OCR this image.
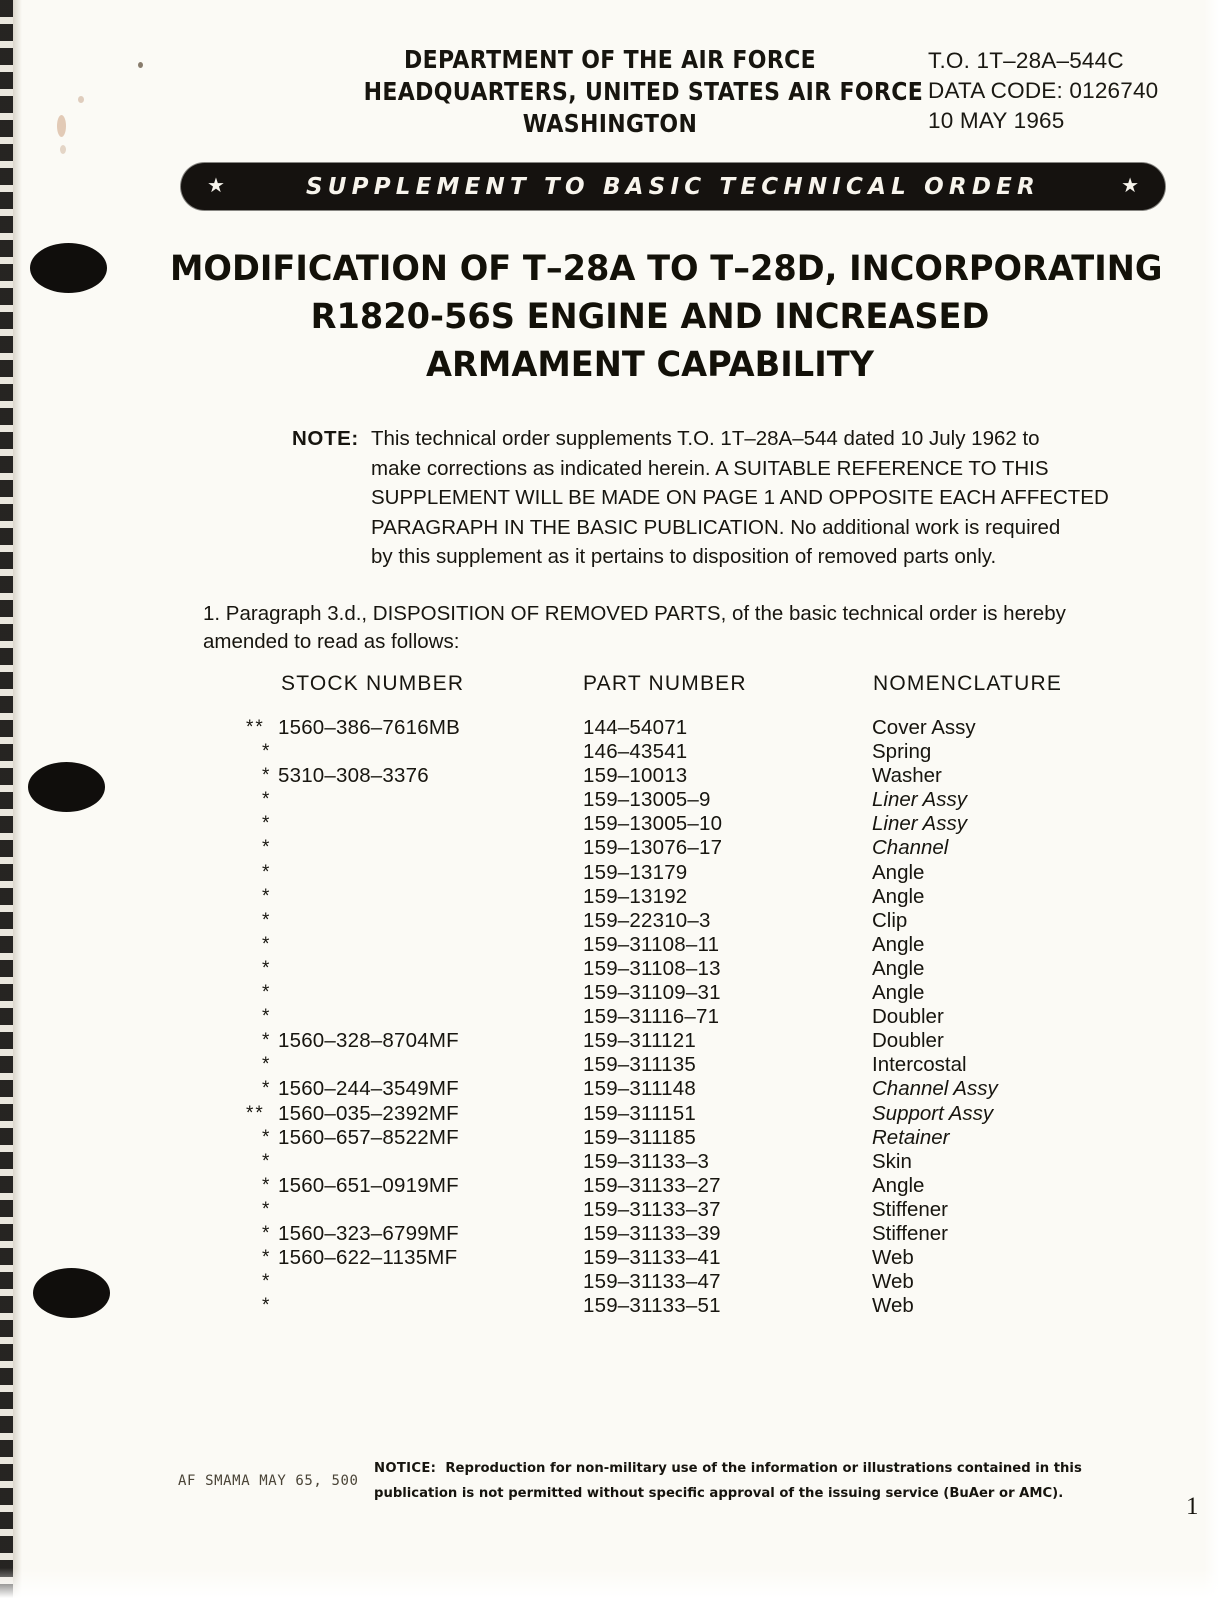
DEPARTMENT OF THE AIR FORCE
HEADQUARTERS, UNITED STATES AIR FORCE
WASHINGTON
T.O. 1T–28A–544C
DATA CODE: 0126740
10 MAY 1965
★	SUPPLEMENT TO BASIC TECHNICAL ORDER	★
MODIFICATION OF T–28A TO T–28D, INCORPORATING
R1820-56S ENGINE AND INCREASED
ARMAMENT CAPABILITY
NOTE: This technical order supplements T.O. 1T–28A–544 dated 10 July 1962 to
make corrections as indicated herein. A SUITABLE REFERENCE TO THIS
SUPPLEMENT WILL BE MADE ON PAGE 1 AND OPPOSITE EACH AFFECTED
PARAGRAPH IN THE BASIC PUBLICATION. No additional work is required
by this supplement as it pertains to disposition of removed parts only.
1. Paragraph 3.d., DISPOSITION OF REMOVED PARTS, of the basic technical order is hereby
amended to read as follows:
STOCK NUMBER	PART NUMBER	NOMENCLATURE
** 1560–386–7616MB	144–54071	Cover Assy
*	146–43541	Spring
* 5310–308–3376	159–10013	Washer
*	159–13005–9	Liner Assy
*	159–13005–10	Liner Assy
*	159–13076–17	Channel
*	159–13179	Angle
*	159–13192	Angle
*	159–22310–3	Clip
*	159–31108–11	Angle
*	159–31108–13	Angle
*	159–31109–31	Angle
*	159–31116–71	Doubler
* 1560–328–8704MF	159–311121	Doubler
*	159–311135	Intercostal
* 1560–244–3549MF	159–311148	Channel Assy
** 1560–035–2392MF	159–311151	Support Assy
* 1560–657–8522MF	159–311185	Retainer
*	159–31133–3	Skin
* 1560–651–0919MF	159–31133–27	Angle
*	159–31133–37	Stiffener
* 1560–323–6799MF	159–31133–39	Stiffener
* 1560–622–1135MF	159–31133–41	Web
*	159–31133–47	Web
*	159–31133–51	Web
NOTICE: Reproduction for non-military use of the information or illustrations contained in this
publication is not permitted without specific approval of the issuing service (BuAer or AMC).
AF SMAMA MAY 65, 500
1
